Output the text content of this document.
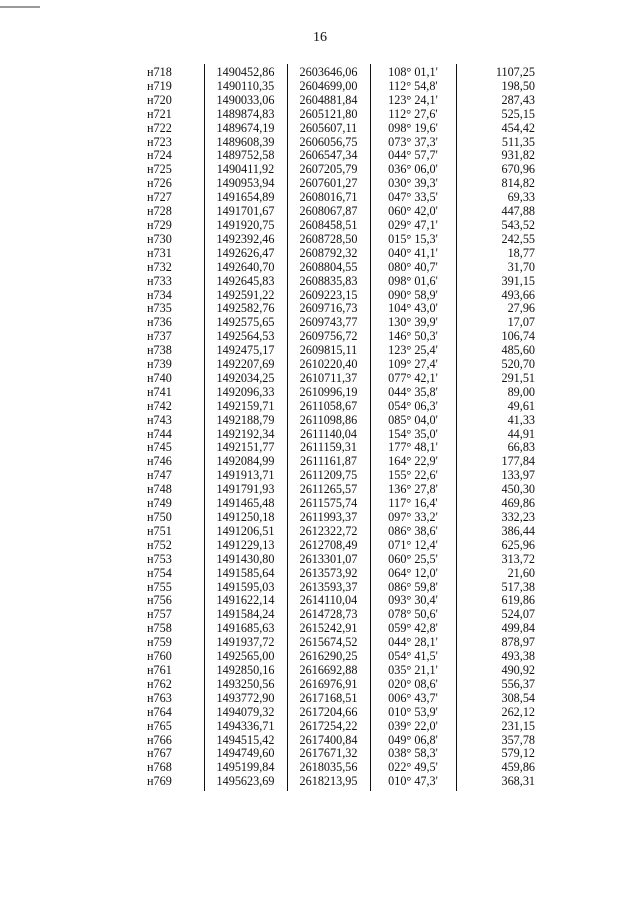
16
н718	1490452,86	2603646,06	108° 01,1'	1107,25
н719	1490110,35	2604699,00	112° 54,8'	198,50
н720	1490033,06	2604881,84	123° 24,1'	287,43
н721	1489874,83	2605121,80	112° 27,6'	525,15
н722	1489674,19	2605607,11	098° 19,6'	454,42
н723	1489608,39	2606056,75	073° 37,3'	511,35
н724	1489752,58	2606547,34	044° 57,7'	931,82
н725	1490411,92	2607205,79	036° 06,0'	670,96
н726	1490953,94	2607601,27	030° 39,3'	814,82
н727	1491654,89	2608016,71	047° 33,5'	69,33
н728	1491701,67	2608067,87	060° 42,0'	447,88
н729	1491920,75	2608458,51	029° 47,1'	543,52
н730	1492392,46	2608728,50	015° 15,3'	242,55
н731	1492626,47	2608792,32	040° 41,1'	18,77
н732	1492640,70	2608804,55	080° 40,7'	31,70
н733	1492645,83	2608835,83	098° 01,6'	391,15
н734	1492591,22	2609223,15	090° 58,9'	493,66
н735	1492582,76	2609716,73	104° 43,0'	27,96
н736	1492575,65	2609743,77	130° 39,9'	17,07
н737	1492564,53	2609756,72	146° 50,3'	106,74
н738	1492475,17	2609815,11	123° 25,4'	485,60
н739	1492207,69	2610220,40	109° 27,4'	520,70
н740	1492034,25	2610711,37	077° 42,1'	291,51
н741	1492096,33	2610996,19	044° 35,8'	89,00
н742	1492159,71	2611058,67	054° 06,3'	49,61
н743	1492188,79	2611098,86	085° 04,0'	41,33
н744	1492192,34	2611140,04	154° 35,0'	44,91
н745	1492151,77	2611159,31	177° 48,1'	66,83
н746	1492084,99	2611161,87	164° 22,9'	177,84
н747	1491913,71	2611209,75	155° 22,6'	133,97
н748	1491791,93	2611265,57	136° 27,8'	450,30
н749	1491465,48	2611575,74	117° 16,4'	469,86
н750	1491250,18	2611993,37	097° 33,2'	332,23
н751	1491206,51	2612322,72	086° 38,6'	386,44
н752	1491229,13	2612708,49	071° 12,4'	625,96
н753	1491430,80	2613301,07	060° 25,5'	313,72
н754	1491585,64	2613573,92	064° 12,0'	21,60
н755	1491595,03	2613593,37	086° 59,8'	517,38
н756	1491622,14	2614110,04	093° 30,4'	619,86
н757	1491584,24	2614728,73	078° 50,6'	524,07
н758	1491685,63	2615242,91	059° 42,8'	499,84
н759	1491937,72	2615674,52	044° 28,1'	878,97
н760	1492565,00	2616290,25	054° 41,5'	493,38
н761	1492850,16	2616692,88	035° 21,1'	490,92
н762	1493250,56	2616976,91	020° 08,6'	556,37
н763	1493772,90	2617168,51	006° 43,7'	308,54
н764	1494079,32	2617204,66	010° 53,9'	262,12
н765	1494336,71	2617254,22	039° 22,0'	231,15
н766	1494515,42	2617400,84	049° 06,8'	357,78
н767	1494749,60	2617671,32	038° 58,3'	579,12
н768	1495199,84	2618035,56	022° 49,5'	459,86
н769	1495623,69	2618213,95	010° 47,3'	368,31
